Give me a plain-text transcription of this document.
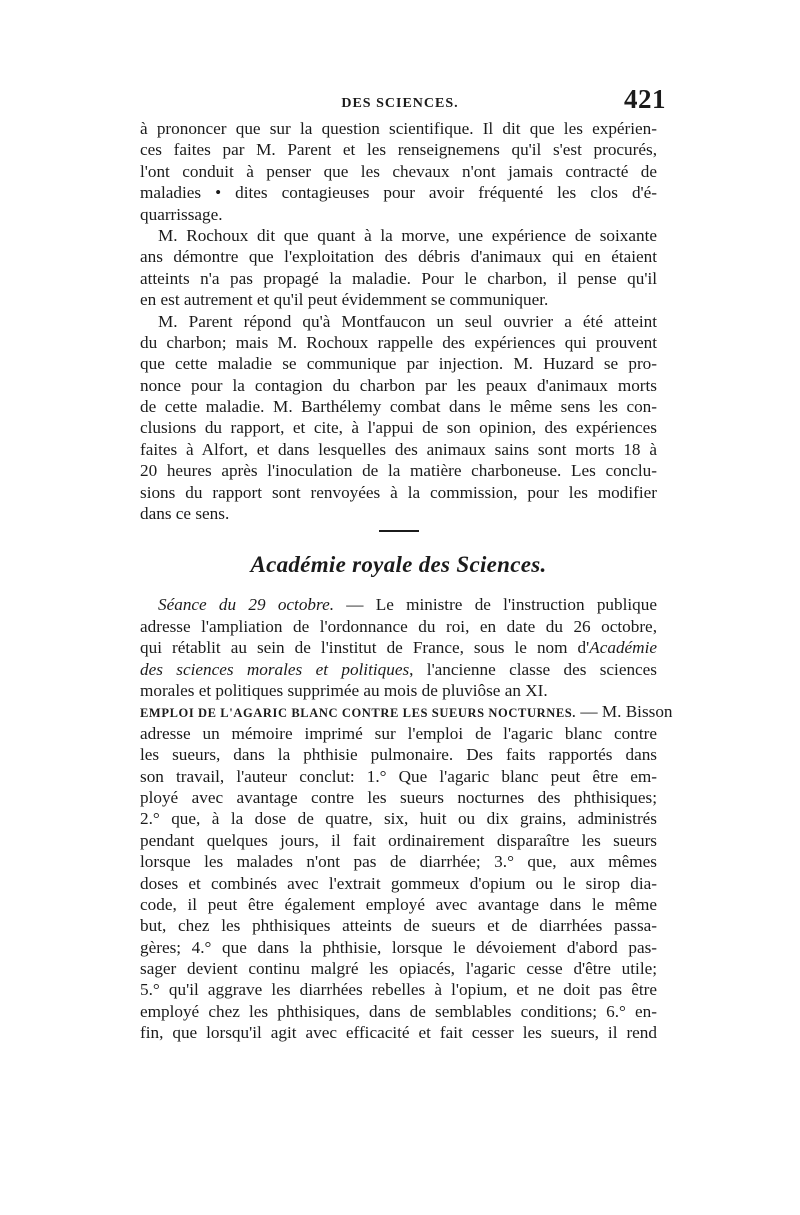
DES SCIENCES.	421
à prononcer que sur la question scientifique. Il dit que les expérien-
ces faites par M. Parent et les renseignemens qu'il s'est procurés,
l'ont conduit à penser que les chevaux n'ont jamais contracté de
maladies • dites contagieuses pour avoir fréquenté les clos d'é-
quarrissage.
M. Rochoux dit que quant à la morve, une expérience de soixante
ans démontre que l'exploitation des débris d'animaux qui en étaient
atteints n'a pas propagé la maladie. Pour le charbon, il pense qu'il
en est autrement et qu'il peut évidemment se communiquer.
M. Parent répond qu'à Montfaucon un seul ouvrier a été atteint
du charbon; mais M. Rochoux rappelle des expériences qui prouvent
que cette maladie se communique par injection. M. Huzard se pro-
nonce pour la contagion du charbon par les peaux d'animaux morts
de cette maladie. M. Barthélemy combat dans le même sens les con-
clusions du rapport, et cite, à l'appui de son opinion, des expériences
faites à Alfort, et dans lesquelles des animaux sains sont morts 18 à
20 heures après l'inoculation de la matière charboneuse. Les conclu-
sions du rapport sont renvoyées à la commission, pour les modifier
dans ce sens.
Académie royale des Sciences.
Séance du 29 octobre. — Le ministre de l'instruction publique
adresse l'ampliation de l'ordonnance du roi, en date du 26 octobre,
qui rétablit au sein de l'institut de France, sous le nom d'Académie
des sciences morales et politiques, l'ancienne classe des sciences
morales et politiques supprimée au mois de pluviôse an XI.
EMPLOI DE L'AGARIC BLANC CONTRE LES SUEURS NOCTURNES. — M. Bisson
adresse un mémoire imprimé sur l'emploi de l'agaric blanc contre
les sueurs, dans la phthisie pulmonaire. Des faits rapportés dans
son travail, l'auteur conclut: 1.° Que l'agaric blanc peut être em-
ployé avec avantage contre les sueurs nocturnes des phthisiques;
2.° que, à la dose de quatre, six, huit ou dix grains, administrés
pendant quelques jours, il fait ordinairement disparaître les sueurs
lorsque les malades n'ont pas de diarrhée; 3.° que, aux mêmes
doses et combinés avec l'extrait gommeux d'opium ou le sirop dia-
code, il peut être également employé avec avantage dans le même
but, chez les phthisiques atteints de sueurs et de diarrhées passa-
gères; 4.° que dans la phthisie, lorsque le dévoiement d'abord pas-
sager devient continu malgré les opiacés, l'agaric cesse d'être utile;
5.° qu'il aggrave les diarrhées rebelles à l'opium, et ne doit pas être
employé chez les phthisiques, dans de semblables conditions; 6.° en-
fin, que lorsqu'il agit avec efficacité et fait cesser les sueurs, il rend
